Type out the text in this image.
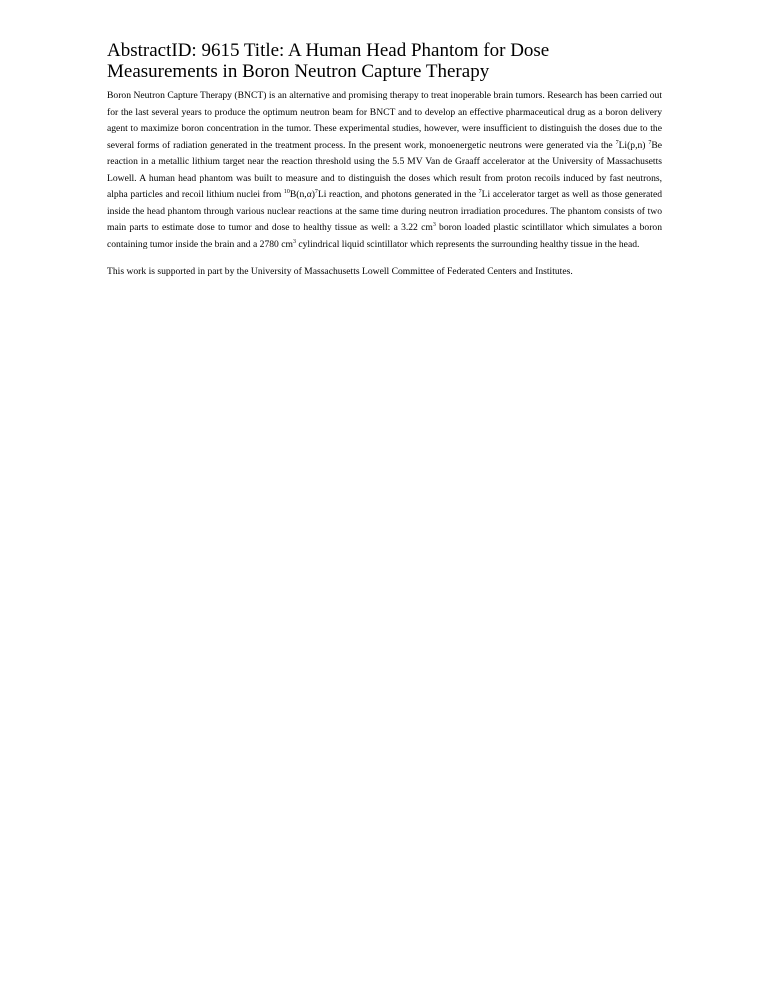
AbstractID: 9615 Title: A Human Head Phantom for Dose Measurements in Boron Neutron Capture Therapy

Boron Neutron Capture Therapy (BNCT) is an alternative and promising therapy to treat inoperable brain tumors. Research has been carried out for the last several years to produce the optimum neutron beam for BNCT and to develop an effective pharmaceutical drug as a boron delivery agent to maximize boron concentration in the tumor. These experimental studies, however, were insufficient to distinguish the doses due to the several forms of radiation generated in the treatment process. In the present work, monoenergetic neutrons were generated via the $^7$Li(p,n) $^7$Be reaction in a metallic lithium target near the reaction threshold using the 5.5 MV Van de Graaff accelerator at the University of Massachusetts Lowell. A human head phantom was built to measure and to distinguish the doses which result from proton recoils induced by fast neutrons, alpha particles and recoil lithium nuclei from $^{10}B(n,\alpha)^7Li$ reaction, and photons generated in the $^7$Li accelerator target as well as those generated inside the head phantom through various nuclear reactions at the same time during neutron irradiation procedures. The phantom consists of two main parts to estimate dose to tumor and dose to healthy tissue as well: a 3.22 $cm^3$ boron loaded plastic scintillator which simulates a boron containing tumor inside the brain and a 2780 $cm^3$ cylindrical liquid scintillator which represents the surrounding healthy tissue in the head.

This work is supported in part by the University of Massachusetts Lowell Committee of Federated Centers and Institutes.
